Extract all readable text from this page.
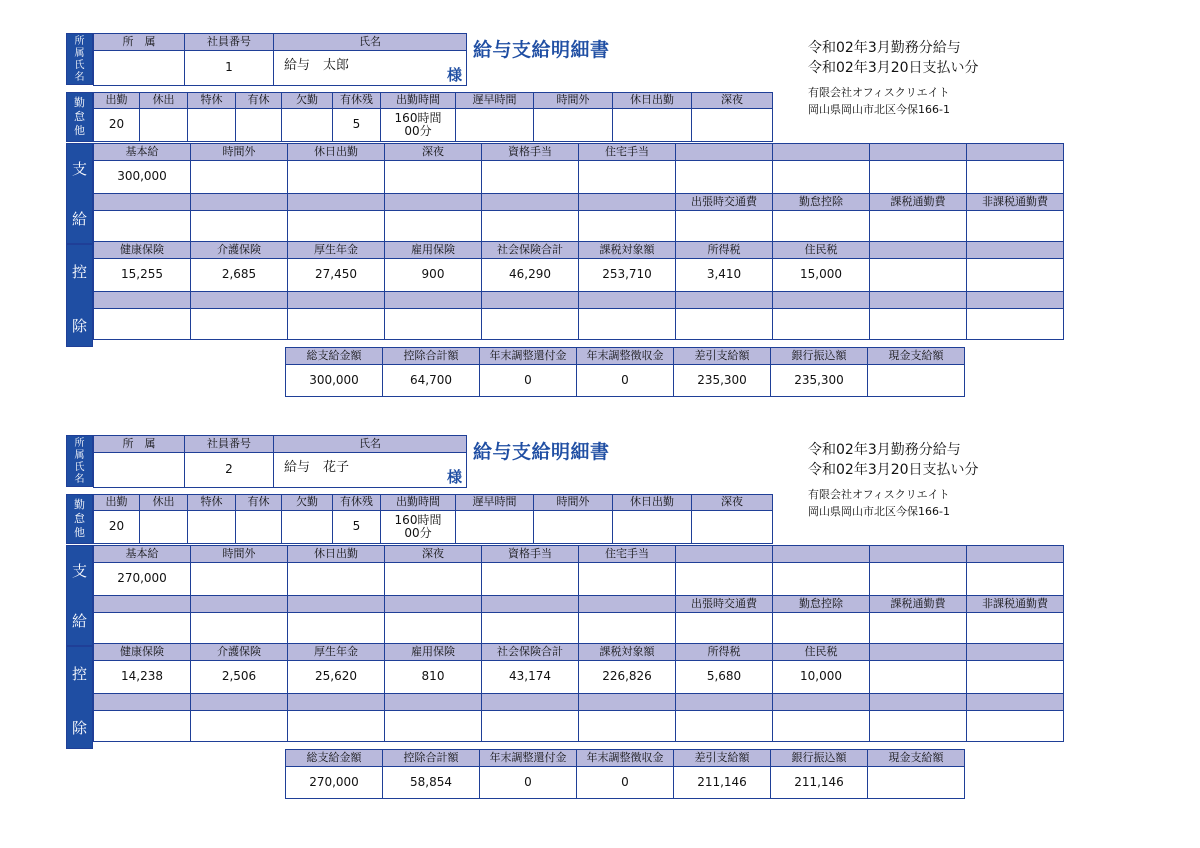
所属氏名
所　属	社員番号	氏名
	1	給与　太郎 様
給与支給明細書	令和02年3月勤務分給与
令和02年3月20日支払い分
有限会社オフィスクリエイト
岡山県岡山市北区今保166-1
勤怠他
出勤	休出	特休	有休	欠勤	有休残	出勤時間	遅早時間	時間外	休日出勤	深夜
20					5	160時間
00分				
支
給
控
除
基本給	時間外	休日出勤	深夜	資格手当	住宅手当				
300,000									
						出張時交通費	勤怠控除	課税通勤費	非課税通勤費

健康保険	介護保険	厚生年金	雇用保険	社会保険合計	課税対象額	所得税	住民税		
15,255	2,685	27,450	900	46,290	253,710	3,410	15,000		

総支給金額	控除合計額	年末調整還付金	年末調整徴収金	差引支給額	銀行振込額	現金支給額
300,000	64,700	0	0	235,300	235,300	
所属氏名
所　属	社員番号	氏名
	2	給与　花子 様
給与支給明細書	令和02年3月勤務分給与
令和02年3月20日支払い分
有限会社オフィスクリエイト
岡山県岡山市北区今保166-1
勤怠他
出勤	休出	特休	有休	欠勤	有休残	出勤時間	遅早時間	時間外	休日出勤	深夜
20					5	160時間
00分				
支
給
控
除
基本給	時間外	休日出勤	深夜	資格手当	住宅手当				
270,000									
						出張時交通費	勤怠控除	課税通勤費	非課税通勤費

健康保険	介護保険	厚生年金	雇用保険	社会保険合計	課税対象額	所得税	住民税		
14,238	2,506	25,620	810	43,174	226,826	5,680	10,000		

総支給金額	控除合計額	年末調整還付金	年末調整徴収金	差引支給額	銀行振込額	現金支給額
270,000	58,854	0	0	211,146	211,146	
